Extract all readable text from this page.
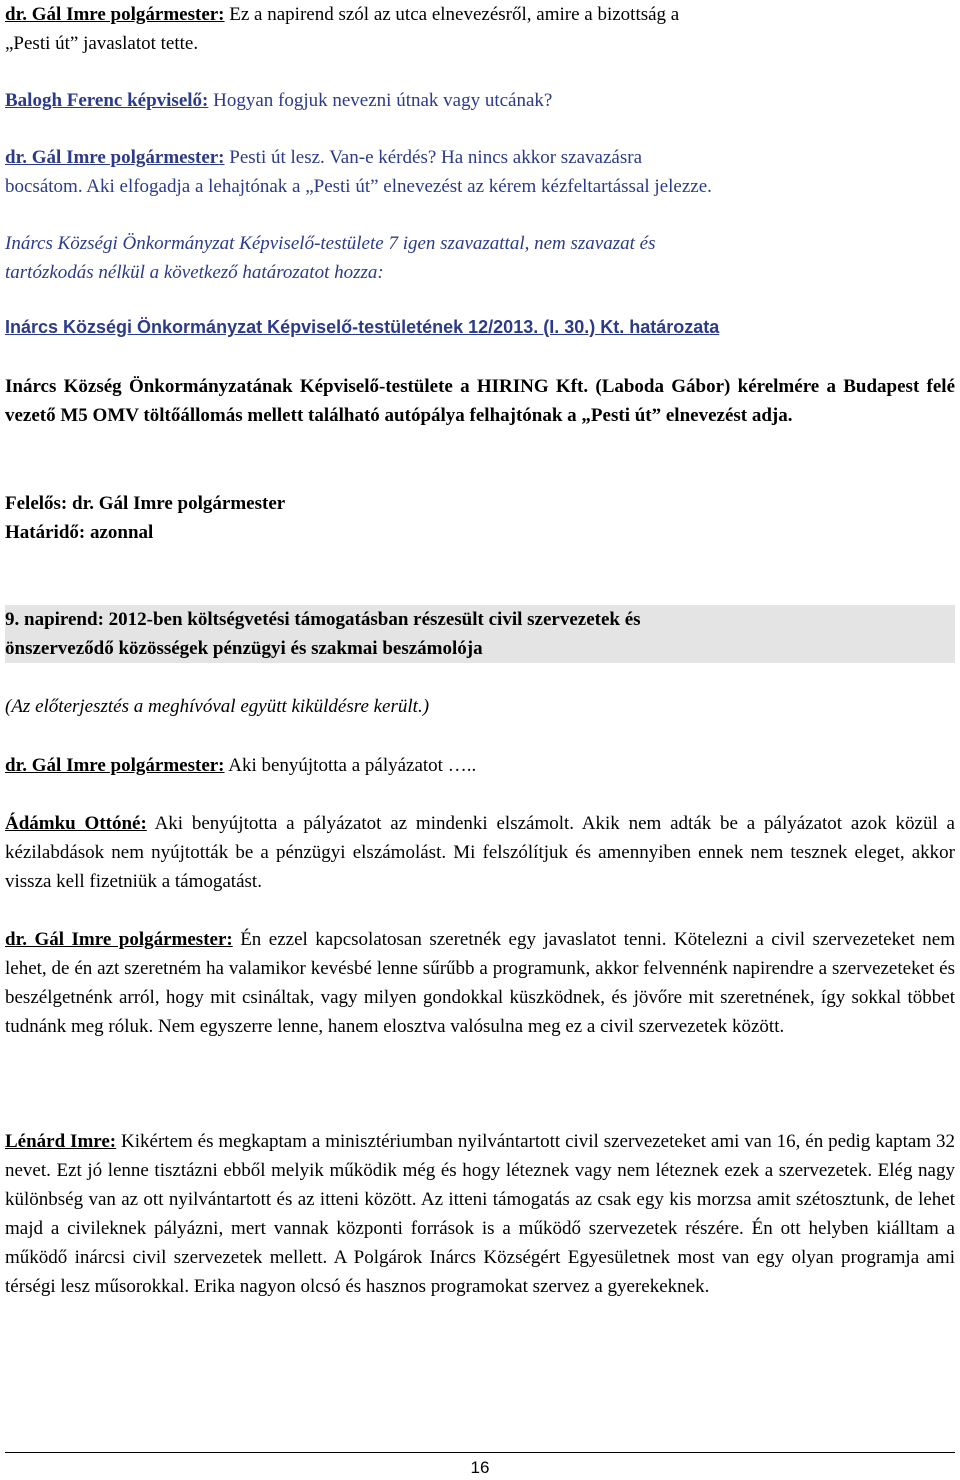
dr. Gál Imre polgármester: Ez a napirend szól az utca elnevezésről, amire a bizottság a

„Pesti út” javaslatot tette.

Balogh Ferenc képviselő: Hogyan fogjuk nevezni útnak vagy utcának?

dr. Gál Imre polgármester: Pesti út lesz. Van-e kérdés? Ha nincs akkor szavazásra

bocsátom. Aki elfogadja a lehajtónak a „Pesti út” elnevezést az kérem kézfeltartással jelezze.

Inárcs Községi Önkormányzat Képviselő-testülete 7 igen szavazattal, nem szavazat és

tartózkodás nélkül a következő határozatot hozza:

Inárcs Községi Önkormányzat Képviselő-testületének 12/2013. (I. 30.) Kt. határozata

Inárcs Község Önkormányzatának Képviselő-testülete a HIRING Kft. (Laboda Gábor) kérelmére a Budapest felé vezető M5 OMV töltőállomás mellett található autópálya felhajtónak a „Pesti út” elnevezést adja.

Felelős: dr. Gál Imre polgármester

Határidő: azonnal

9. napirend: 2012-ben költségvetési támogatásban részesült civil szervezetek és

önszerveződő közösségek pénzügyi és szakmai beszámolója

(Az előterjesztés a meghívóval együtt kiküldésre került.)

dr. Gál Imre polgármester: Aki benyújtotta a pályázatot …..

Ádámku Ottóné: Aki benyújtotta a pályázatot az mindenki elszámolt. Akik nem adták be a pályázatot azok közül a kézilabdások nem nyújtották be a pénzügyi elszámolást. Mi felszólítjuk és amennyiben ennek nem tesznek eleget, akkor vissza kell fizetniük a támogatást.

dr. Gál Imre polgármester: Én ezzel kapcsolatosan szeretnék egy javaslatot tenni. Kötelezni a civil szervezeteket nem lehet, de én azt szeretném ha valamikor kevésbé lenne sűrűbb a programunk, akkor felvennénk napirendre a szervezeteket és beszélgetnénk arról, hogy mit csináltak, vagy milyen gondokkal küszködnek, és jövőre mit szeretnének, így sokkal többet tudnánk meg róluk. Nem egyszerre lenne, hanem elosztva valósulna meg ez a civil szervezetek között.

Lénárd Imre: Kikértem és megkaptam a minisztériumban nyilvántartott civil szervezeteket ami van 16, én pedig kaptam 32 nevet. Ezt jó lenne tisztázni ebből melyik működik még és hogy léteznek vagy nem léteznek ezek a szervezetek. Elég nagy különbség van az ott nyilvántartott és az itteni között. Az itteni támogatás az csak egy kis morzsa amit szétosztunk, de lehet majd a civileknek pályázni, mert vannak központi források is a működő szervezetek részére. Én ott helyben kiálltam a működő inárcsi civil szervezetek mellett. A Polgárok Inárcs Községért Egyesületnek most van egy olyan programja ami térségi lesz műsorokkal. Erika nagyon olcsó és hasznos programokat szervez a gyerekeknek.

16
